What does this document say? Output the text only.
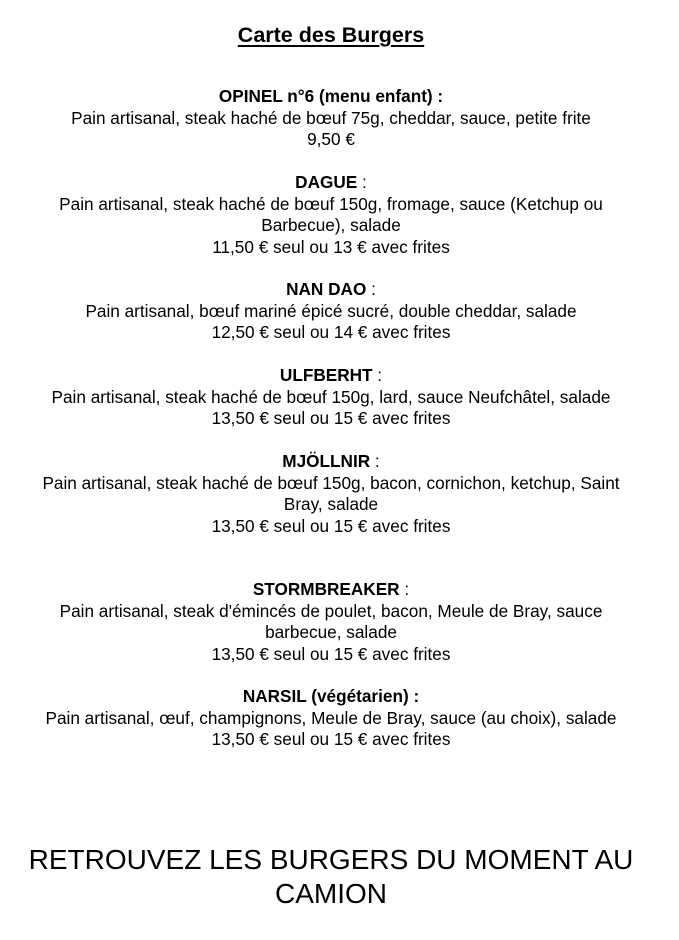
Carte des Burgers
OPINEL n°6 (menu enfant) :
Pain artisanal, steak haché de bœuf 75g, cheddar, sauce, petite frite
9,50 €
DAGUE :
Pain artisanal, steak haché de bœuf 150g, fromage, sauce (Ketchup ou Barbecue), salade
11,50 € seul ou 13 € avec frites
NAN DAO :
Pain artisanal, bœuf mariné épicé sucré, double cheddar, salade
12,50 € seul ou 14 € avec frites
ULFBERHT :
Pain artisanal, steak haché de bœuf 150g, lard, sauce Neufchâtel, salade
13,50 € seul ou 15 € avec frites
MJÖLLNIR :
Pain artisanal, steak haché de bœuf 150g, bacon, cornichon, ketchup, Saint Bray, salade
13,50 € seul ou 15 € avec frites
STORMBREAKER :
Pain artisanal, steak d'émincés de poulet, bacon, Meule de Bray, sauce barbecue, salade
13,50 € seul ou 15 € avec frites
NARSIL (végétarien) :
Pain artisanal, œuf, champignons, Meule de Bray, sauce (au choix), salade
13,50 € seul ou 15 € avec frites
RETROUVEZ LES BURGERS DU MOMENT AU CAMION
